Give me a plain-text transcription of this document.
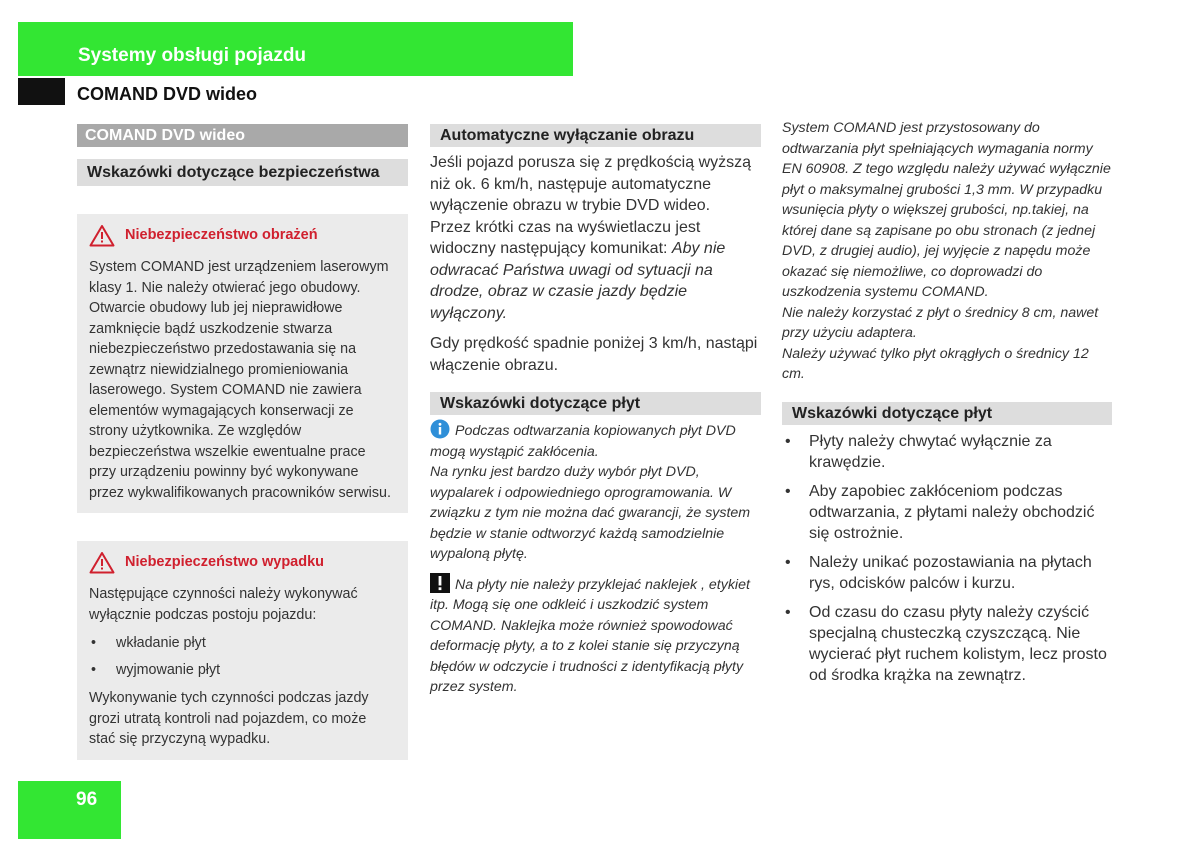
Systemy obsługi pojazdu
COMAND DVD wideo
COMAND DVD wideo
Wskazówki dotyczące bezpieczeństwa
Niebezpieczeństwo obrażeń

System COMAND jest urządzeniem laserowym klasy 1. Nie należy otwierać jego obudowy. Otwarcie obudowy lub jej nieprawidłowe zamknięcie bądź uszkodzenie stwarza niebezpieczeństwo przedostawania się na zewnątrz niewidzialnego promieniowania laserowego. System COMAND nie zawiera elementów wymagających konserwacji ze strony użytkownika. Ze względów bezpieczeństwa wszelkie ewentualne prace przy urządzeniu powinny być wykonywane przez wykwalifikowanych pracowników serwisu.

Niebezpieczeństwo wypadku

Następujące czynności należy wykonywać wyłącznie podczas postoju pojazdu:

• wkładanie płyt
• wyjmowanie płyt

Wykonywanie tych czynności podczas jazdy grozi utratą kontroli nad pojazdem, co może stać się przyczyną wypadku.

Automatyczne wyłączanie obrazu

Jeśli pojazd porusza się z prędkością wyższą niż ok. 6 km/h, następuje automatyczne wyłączenie obrazu w trybie DVD wideo.

Przez krótki czas na wyświetlaczu jest widoczny następujący komunikat: Aby nie odwracać Państwa uwagi od sytuacji na drodze, obraz w czasie jazdy będzie wyłączony.

Gdy prędkość spadnie poniżej 3 km/h, nastąpi włączenie obrazu.

Wskazówki dotyczące płyt

Podczas odtwarzania kopiowanych płyt DVD mogą wystąpić zakłócenia.

Na rynku jest bardzo duży wybór płyt DVD, wypalarek i odpowiedniego oprogramowania. W związku z tym nie można dać gwarancji, że system będzie w stanie odtworzyć każdą samodzielnie wypaloną płytę.

Na płyty nie należy przyklejać naklejek , etykiet itp. Mogą się one odkleić i uszkodzić system COMAND. Naklejka może również spowodować deformację płyty, a to z kolei stanie się przyczyną błędów w odczycie i trudności z identyfikacją płyty przez system.

System COMAND jest przystosowany do odtwarzania płyt spełniających wymagania normy EN 60908. Z tego względu należy używać wyłącznie płyt o maksymalnej grubości 1,3 mm. W przypadku wsunięcia płyty o większej grubości, np.takiej, na której dane są zapisane po obu stronach (z jednej DVD, z drugiej audio), jej wyjęcie z napędu może okazać się niemożliwe, co doprowadzi do uszkodzenia systemu COMAND.

Nie należy korzystać z płyt o średnicy 8 cm, nawet przy użyciu adaptera.

Należy używać tylko płyt okrągłych o średnicy 12 cm.

Wskazówki dotyczące płyt
• Płyty należy chwytać wyłącznie za krawędzie.
• Aby zapobiec zakłóceniom podczas odtwarzania, z płytami należy obchodzić się ostrożnie.
• Należy unikać pozostawiania na płytach rys, odcisków palców i kurzu.
• Od czasu do czasu płyty należy czyścić specjalną chusteczką czyszczącą. Nie wycierać płyt ruchem kolistym, lecz prosto od środka krążka na zewnątrz.
96
